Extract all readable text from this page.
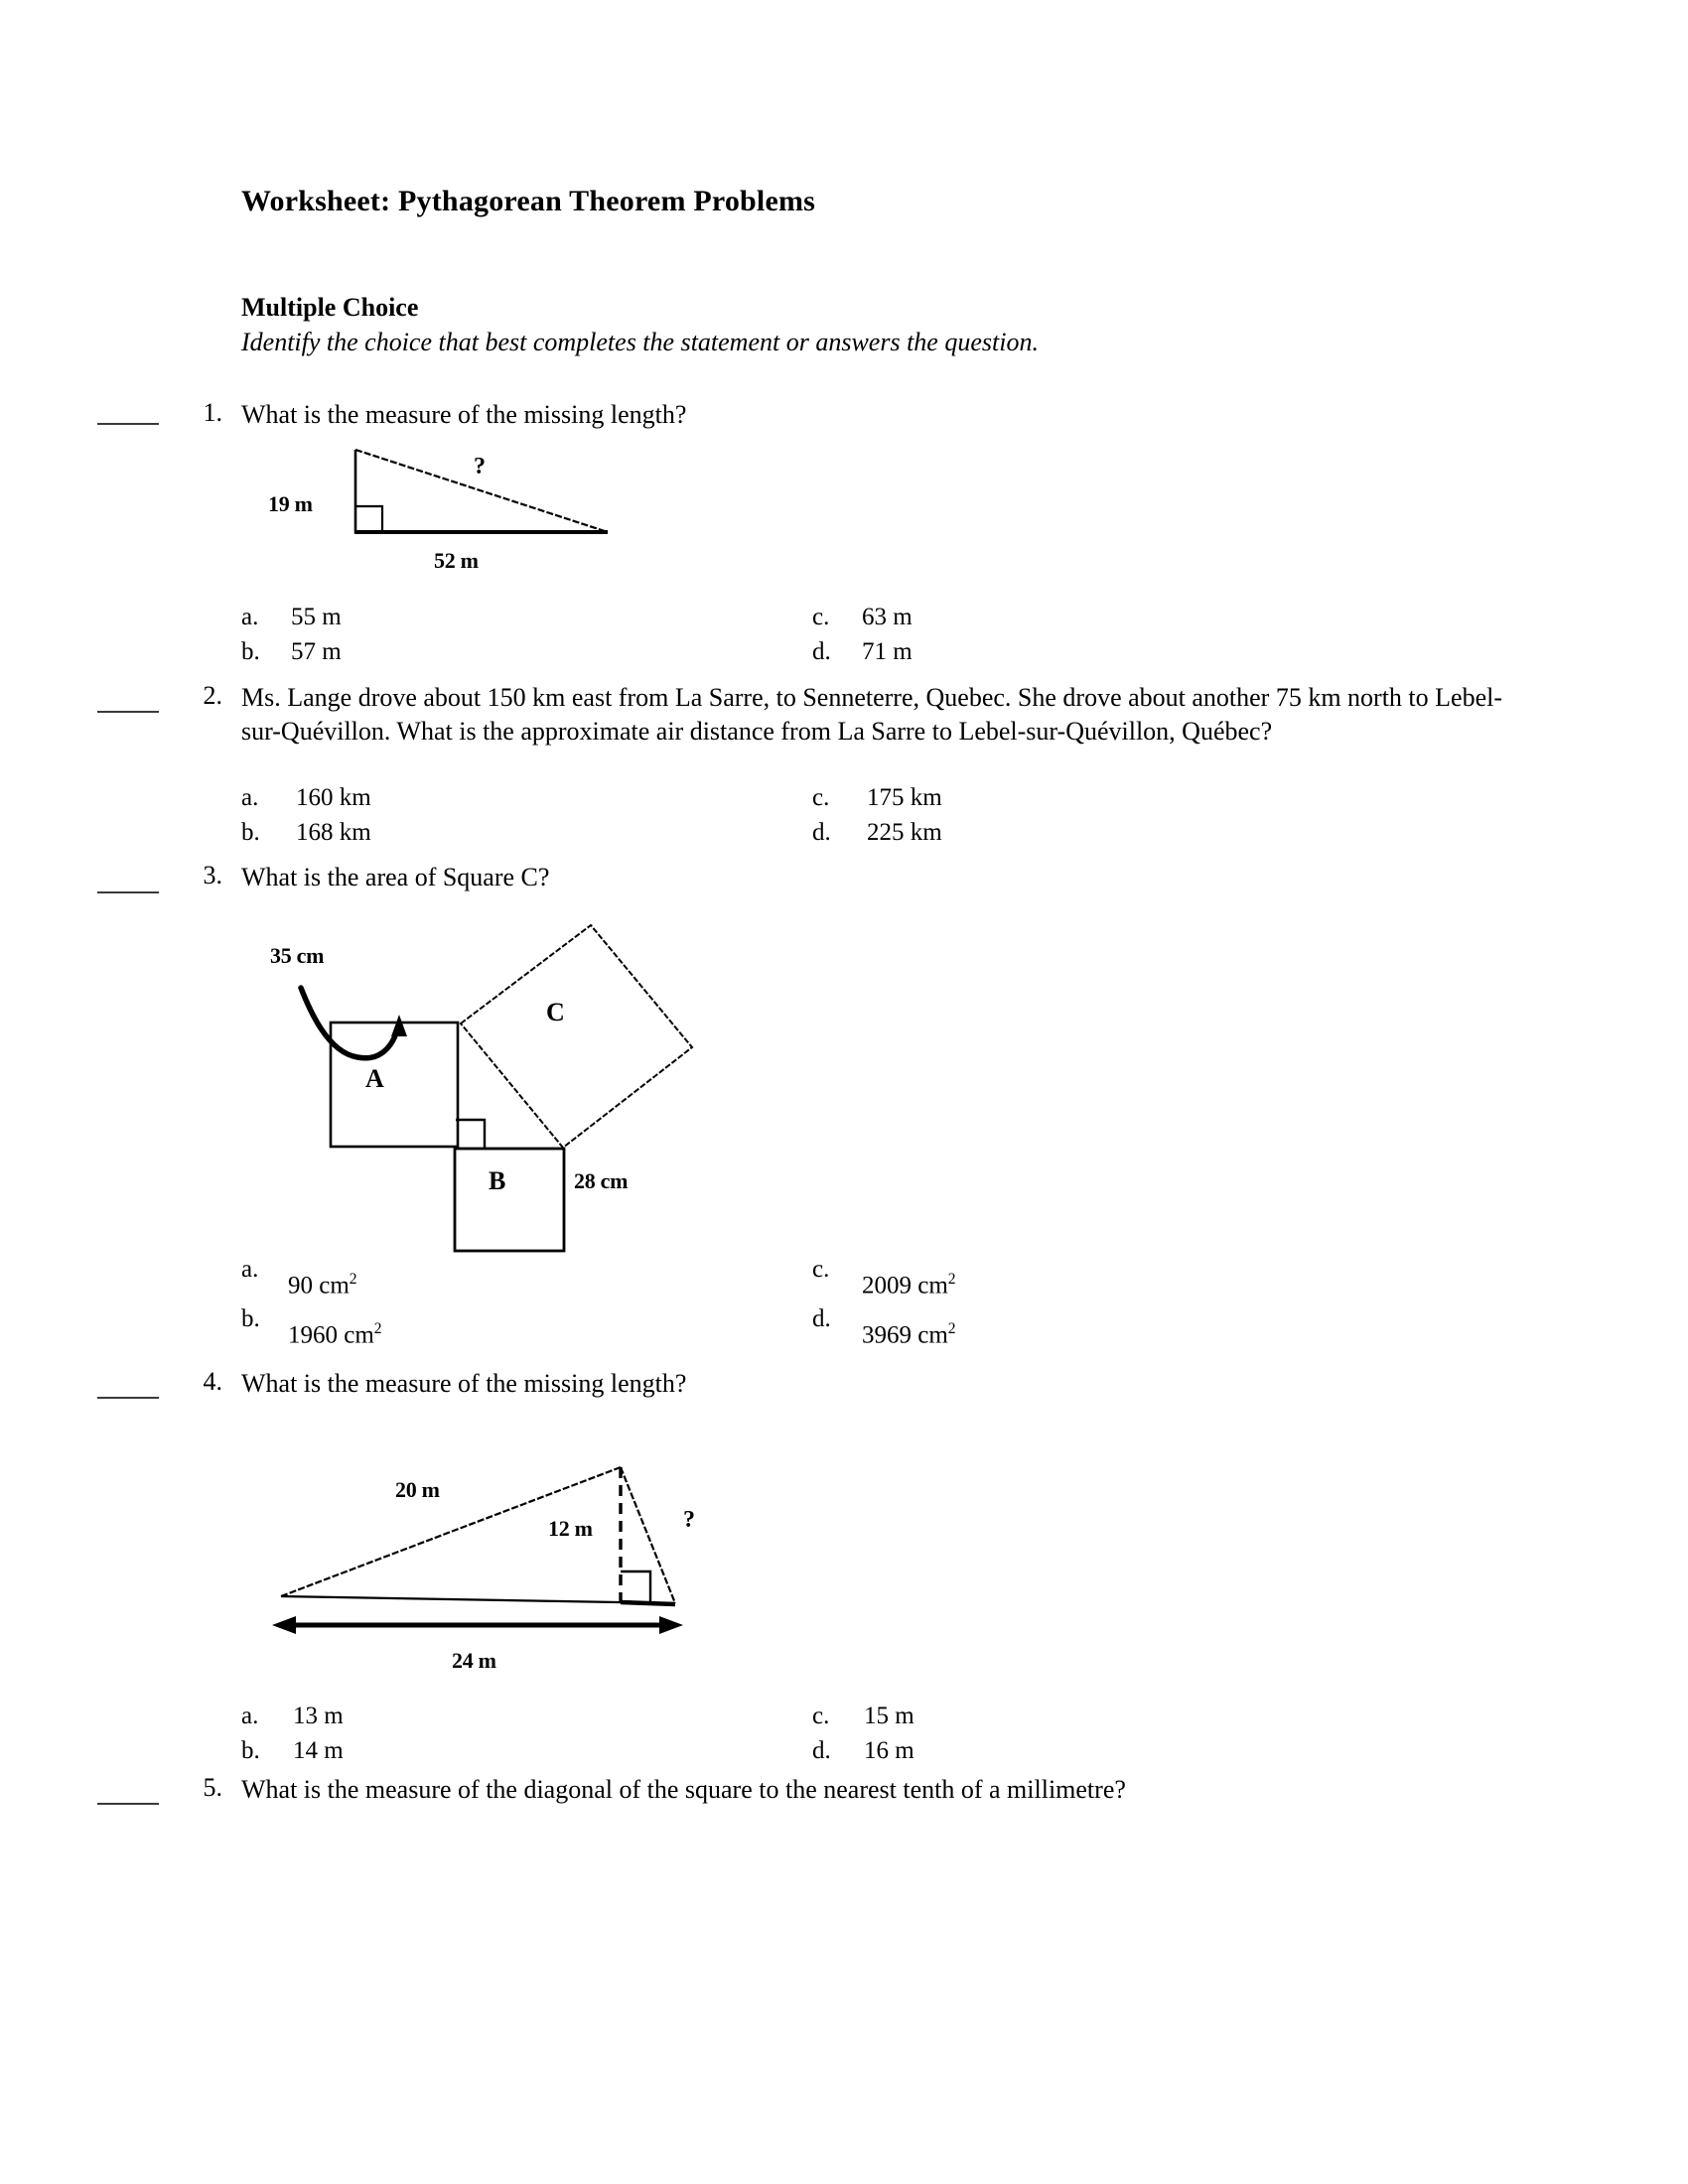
Worksheet: Pythagorean Theorem Problems
Multiple Choice
Identify the choice that best completes the statement or answers the question.
1. What is the measure of the missing length?
19 m
52 m
?
a. 55 m
b. 57 m
c. 63 m
d. 71 m
2. Ms. Lange drove about 150 km east from La Sarre, to Senneterre, Quebec. She drove about another 75 km north to Lebel-sur-Quévillon. What is the approximate air distance from La Sarre to Lebel-sur-Quévillon, Québec?
a. 160 km
b. 168 km
c. 175 km
d. 225 km
3. What is the area of Square C?
35 cm
A
B
C
28 cm
a.
90 $cm^2$
b.
1960 $cm^2$
c.
2009 $cm^2$
d.
3969 $cm^2$
4. What is the measure of the missing length?
20 m
12 m	?
24 m
a. 13 m
b. 14 m
c. 15 m
d. 16 m
5. What is the measure of the diagonal of the square to the nearest tenth of a millimetre?
